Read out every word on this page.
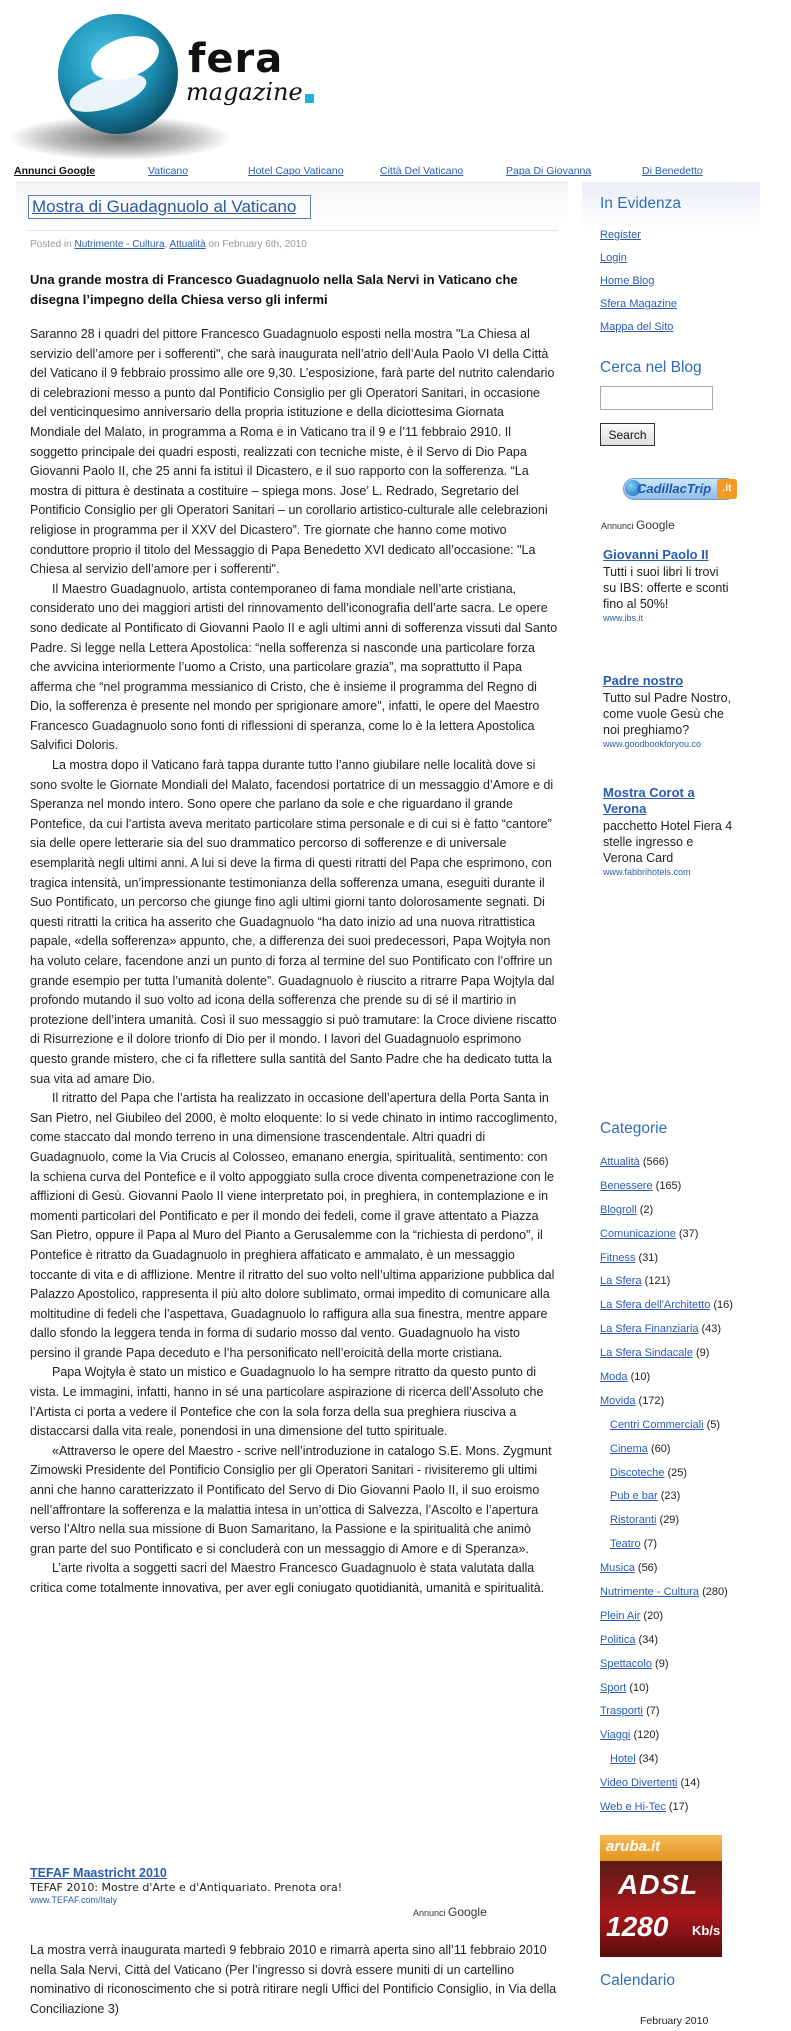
fera
magazine
Annunci Google	Vaticano	Hotel Capo Vaticano	Città Del Vaticano	Papa Di Giovanna	Di Benedetto
Mostra di Guadagnuolo al Vaticano
Posted in Nutrimente - Cultura, Attualità on February 6th, 2010
Una grande mostra di Francesco Guadagnuolo nella Sala Nervi in Vaticano che disegna l’impegno della Chiesa verso gli infermi

Saranno 28 i quadri del pittore Francesco Guadagnuolo esposti nella mostra "La Chiesa al servizio dell’amore per i sofferenti", che sarà inaugurata nell’atrio dell’Aula Paolo VI della Città del Vaticano il 9 febbraio prossimo alle ore 9,30. L’esposizione, farà parte del nutrito calendario di celebrazioni messo a punto dal Pontificio Consiglio per gli Operatori Sanitari, in occasione del venticinquesimo anniversario della propria istituzione e della diciottesima Giornata Mondiale del Malato, in programma a Roma e in Vaticano tra il 9 e l’11 febbraio 2910. Il soggetto principale dei quadri esposti, realizzati con tecniche miste, è il Servo di Dio Papa Giovanni Paolo II, che 25 anni fa istituì il Dicastero, e il suo rapporto con la sofferenza. “La mostra di pittura è destinata a costituire – spiega mons. Jose’ L. Redrado, Segretario del Pontificio Consiglio per gli Operatori Sanitari – un corollario artistico-culturale alle celebrazioni religiose in programma per il XXV del Dicastero”. Tre giornate che hanno come motivo conduttore proprio il titolo del Messaggio di Papa Benedetto XVI dedicato all’occasione: "La Chiesa al servizio dell’amore per i sofferenti".

Il Maestro Guadagnuolo, artista contemporaneo di fama mondiale nell’arte cristiana, considerato uno dei maggiori artisti del rinnovamento dell’iconografia dell’arte sacra. Le opere sono dedicate al Pontificato di Giovanni Paolo II e agli ultimi anni di sofferenza vissuti dal Santo Padre. Si legge nella Lettera Apostolica: “nella sofferenza si nasconde una particolare forza che avvicina interiormente l’uomo a Cristo, una particolare grazia”, ma soprattutto il Papa afferma che “nel programma messianico di Cristo, che è insieme il programma del Regno di Dio, la sofferenza è presente nel mondo per sprigionare amore", infatti, le opere del Maestro Francesco Guadagnuolo sono fonti di riflessioni di speranza, come lo è la lettera Apostolica Salvifici Doloris.

La mostra dopo il Vaticano farà tappa durante tutto l’anno giubilare nelle località dove si sono svolte le Giornate Mondiali del Malato, facendosi portatrice di un messaggio d’Amore e di Speranza nel mondo intero. Sono opere che parlano da sole e che riguardano il grande Pontefice, da cui l’artista aveva meritato particolare stima personale e di cui si è fatto “cantore” sia delle opere letterarie sia del suo drammatico percorso di sofferenze e di universale esemplarità negli ultimi anni. A lui si deve la firma di questi ritratti del Papa che esprimono, con tragica intensità, un’impressionante testimonianza della sofferenza umana, eseguiti durante il Suo Pontificato, un percorso che giunge fino agli ultimi giorni tanto dolorosamente segnati. Di questi ritratti la critica ha asserito che Guadagnuolo “ha dato inizio ad una nuova ritrattistica papale, «della sofferenza» appunto, che, a differenza dei suoi predecessori, Papa Wojtyła non ha voluto celare, facendone anzi un punto di forza al termine del suo Pontificato con l’offrire un grande esempio per tutta l’umanità dolente”. Guadagnuolo è riuscito a ritrarre Papa Wojtyla dal profondo mutando il suo volto ad icona della sofferenza che prende su di sé il martirio in protezione dell’intera umanità. Così il suo messaggio si può tramutare: la Croce diviene riscatto di Risurrezione e il dolore trionfo di Dio per il mondo. I lavori del Guadagnuolo esprimono questo grande mistero, che ci fa riflettere sulla santità del Santo Padre che ha dedicato tutta la sua vita ad amare Dio.

Il ritratto del Papa che l’artista ha realizzato in occasione dell’apertura della Porta Santa in San Pietro, nel Giubileo del 2000, è molto eloquente: lo si vede chinato in intimo raccoglimento, come staccato dal mondo terreno in una dimensione trascendentale. Altri quadri di Guadagnuolo, come la Via Crucis al Colosseo, emanano energia, spiritualità, sentimento: con la schiena curva del Pontefice e il volto appoggiato sulla croce diventa compenetrazione con le afflizioni di Gesù. Giovanni Paolo II viene interpretato poi, in preghiera, in contemplazione e in momenti particolari del Pontificato e per il mondo dei fedeli, come il grave attentato a Piazza San Pietro, oppure il Papa al Muro del Pianto a Gerusalemme con la “richiesta di perdono”, il Pontefice è ritratto da Guadagnuolo in preghiera affaticato e ammalato, è un messaggio toccante di vita e di afflizione. Mentre il ritratto del suo volto nell’ultima apparizione pubblica dal Palazzo Apostolico, rappresenta il più alto dolore sublimato, ormai impedito di comunicare alla moltitudine di fedeli che l’aspettava, Guadagnuolo lo raffigura alla sua finestra, mentre appare dallo sfondo la leggera tenda in forma di sudario mosso dal vento. Guadagnuolo ha visto persino il grande Papa deceduto e l’ha personificato nell’eroicità della morte cristiana.

Papa Wojtyła è stato un mistico e Guadagnuolo lo ha sempre ritratto da questo punto di vista. Le immagini, infatti, hanno in sé una particolare aspirazione di ricerca dell’Assoluto che l’Artista ci porta a vedere il Pontefice che con la sola forza della sua preghiera riusciva a distaccarsi dalla vita reale, ponendosi in una dimensione del tutto spirituale.

«Attraverso le opere del Maestro - scrive nell’introduzione in catalogo S.E. Mons. Zygmunt Zimowski Presidente del Pontificio Consiglio per gli Operatori Sanitari - rivisiteremo gli ultimi anni che hanno caratterizzato il Pontificato del Servo di Dio Giovanni Paolo II, il suo eroismo nell’affrontare la sofferenza e la malattia intesa in un’ottica di Salvezza, l’Ascolto e l’apertura verso l’Altro nella sua missione di Buon Samaritano, la Passione e la spiritualità che animò gran parte del suo Pontificato e si concluderà con un messaggio di Amore e di Speranza».

L’arte rivolta a soggetti sacri del Maestro Francesco Guadagnuolo è stata valutata dalla critica come totalmente innovativa, per aver egli coniugato quotidianità, umanità e spiritualità.

TEFAF Maastricht 2010
TEFAF 2010: Mostre d'Arte e d'Antiquariato. Prenota ora!
www.TEFAF.com/Italy
Annunci Google
La mostra verrà inaugurata martedì 9 febbraio 2010 e rimarrà aperta sino all’11 febbraio 2010 nella Sala Nervi, Città del Vaticano (Per l’ingresso si dovrà essere muniti di un cartellino nominativo di riconoscimento che si potrà ritirare negli Uffici del Pontificio Consiglio, in Via della Conciliazione 3)
In Evidenza
Register
Login
Home Blog
Sfera Magazine
Mappa del Sito
Cerca nel Blog
Search
CadillacTrip	.it
Annunci Google
Giovanni Paolo II
Tutti i suoi libri li trovi su IBS: offerte e sconti fino al 50%!
www.ibs.it
Padre nostro
Tutto sul Padre Nostro, come vuole Gesù che noi preghiamo?
www.goodbookforyou.co
Mostra Corot a Verona
pacchetto Hotel Fiera 4 stelle ingresso e Verona Card
www.fabbrihotels.com
Categorie
Attualità (566)
Benessere (165)
Blogroll (2)
Comunicazione (37)
Fitness (31)
La Sfera (121)
La Sfera dell'Architetto (16)
La Sfera Finanziaria (43)
La Sfera Sindacale (9)
Moda (10)
Movida (172)
Centri Commerciali (5)
Cinema (60)
Discoteche (25)
Pub e bar (23)
Ristoranti (29)
Teatro (7)
Musica (56)
Nutrimente - Cultura (280)
Plein Air (20)
Politica (34)
Spettacolo (9)
Sport (10)
Trasporti (7)
Viaggi (120)
Hotel (34)
Video Divertenti (14)
Web e Hi-Tec (17)
aruba.it
ADSL
1280 Kb/s
Calendario
February 2010
